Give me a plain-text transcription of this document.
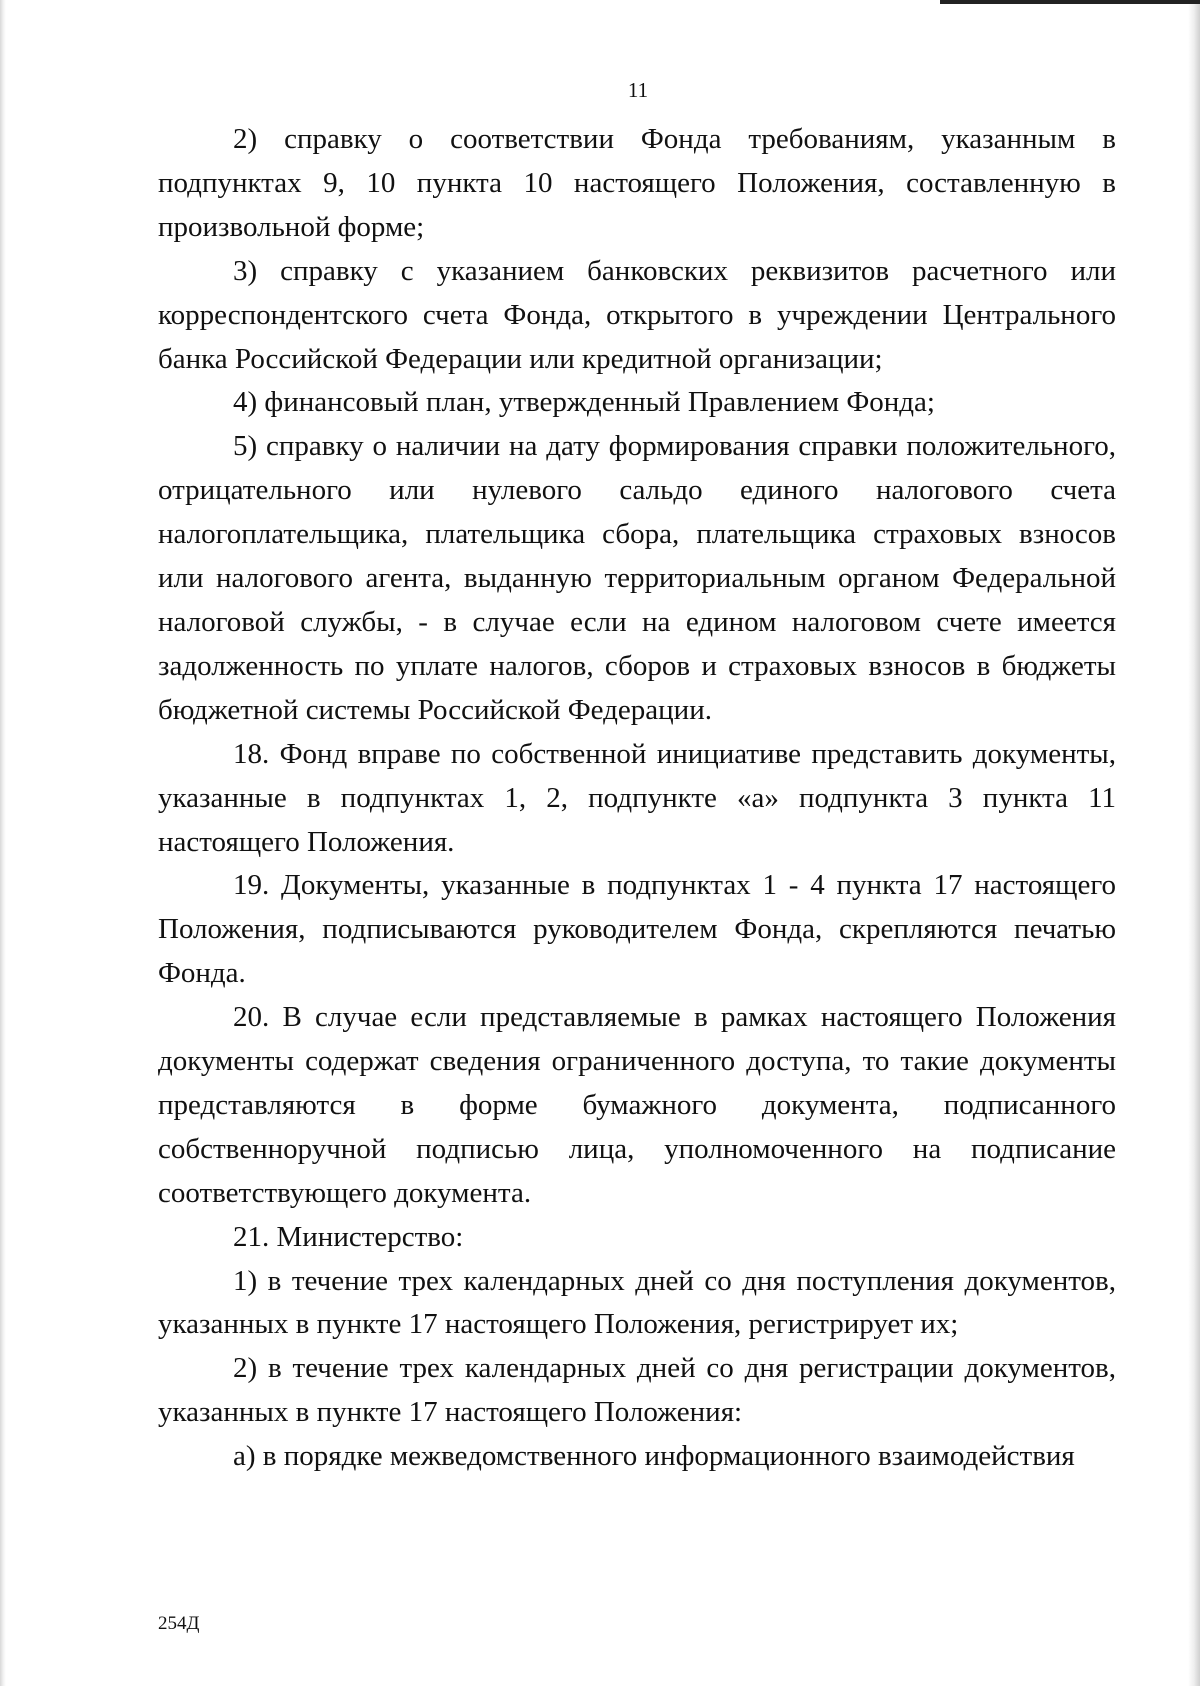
11

2) справку о соответствии Фонда требованиям, указанным в подпунктах 9, 10 пункта 10 настоящего Положения, составленную в произвольной форме;

3) справку с указанием банковских реквизитов расчетного или корреспондентского счета Фонда, открытого в учреждении Центрального банка Российской Федерации или кредитной организации;

4) финансовый план, утвержденный Правлением Фонда;

5) справку о наличии на дату формирования справки положительного, отрицательного или нулевого сальдо единого налогового счета налогоплательщика, плательщика сбора, плательщика страховых взносов или налогового агента, выданную территориальным органом Федеральной налоговой службы, - в случае если на едином налоговом счете имеется задолженность по уплате налогов, сборов и страховых взносов в бюджеты бюджетной системы Российской Федерации.

18. Фонд вправе по собственной инициативе представить документы, указанные в подпунктах 1, 2, подпункте «а» подпункта 3 пункта 11 настоящего Положения.

19. Документы, указанные в подпунктах 1 - 4 пункта 17 настоящего Положения, подписываются руководителем Фонда, скрепляются печатью Фонда.

20. В случае если представляемые в рамках настоящего Положения документы содержат сведения ограниченного доступа, то такие документы представляются в форме бумажного документа, подписанного собственноручной подписью лица, уполномоченного на подписание соответствующего документа.

21. Министерство:

1) в течение трех календарных дней со дня поступления документов, указанных в пункте 17 настоящего Положения, регистрирует их;

2) в течение трех календарных дней со дня регистрации документов, указанных в пункте 17 настоящего Положения:

а) в порядке межведомственного информационного взаимодействия

254Д
